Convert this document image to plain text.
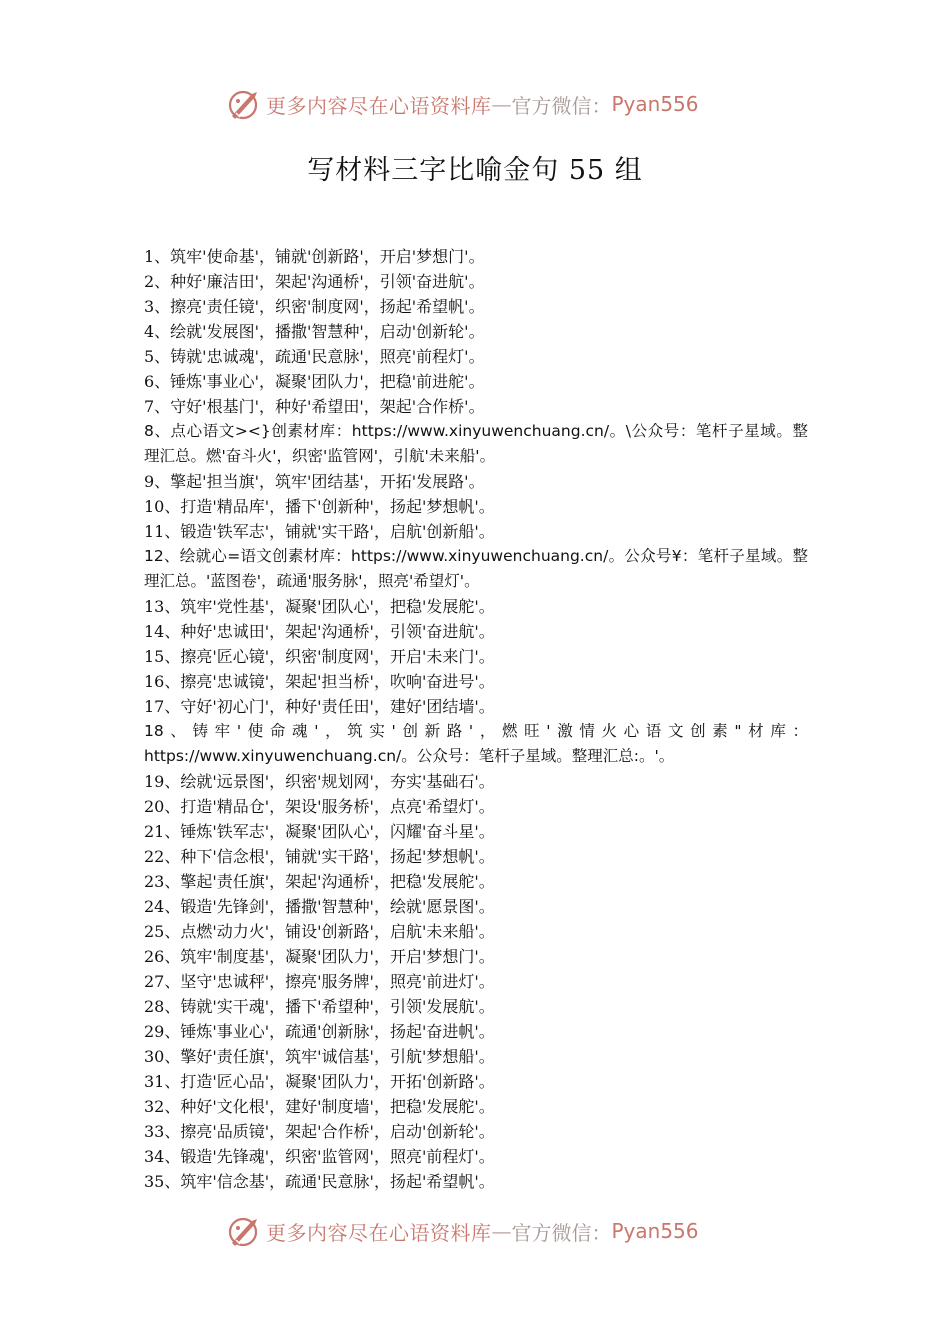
更多内容尽在心语资料库 — 官方微信： Pyan556
写材料三字比喻金句 55 组
1、筑牢'使命基'，铺就'创新路'，开启'梦想门'。
2、种好'廉洁田'，架起'沟通桥'，引领'奋进航'。
3、擦亮'责任镜'，织密'制度网'，扬起'希望帆'。
4、绘就'发展图'，播撒'智慧种'，启动'创新轮'。
5、铸就'忠诚魂'，疏通'民意脉'，照亮'前程灯'。
6、锤炼'事业心'，凝聚'团队力'，把稳'前进舵'。
7、守好'根基门'，种好'希望田'，架起'合作桥'。
8、点心语文><}创素材库：https://www.xinyuwenchuang.cn/。\公众号：笔杆子星域。整理汇总。燃'奋斗火'，织密'监管网'，引航'未来船'。
9、擎起'担当旗'，筑牢'团结基'，开拓'发展路'。
10、打造'精品库'，播下'创新种'，扬起'梦想帆'。
11、锻造'铁军志'，铺就'实干路'，启航'创新船'。
12、绘就心=语文创素材库：https://www.xinyuwenchuang.cn/。公众号¥：笔杆子星域。整理汇总。'蓝图卷'，疏通'服务脉'，照亮'希望灯'。
13、筑牢'党性基'，凝聚'团队心'，把稳'发展舵'。
14、种好'忠诚田'，架起'沟通桥'，引领'奋进航'。
15、擦亮'匠心镜'，织密'制度网'，开启'未来门'。
16、擦亮'忠诚镜'，架起'担当桥'，吹响'奋进号'。
17、守好'初心门'，种好'责任田'，建好'团结墙'。
18、铸牢'使命魂'，筑实'创新路'，燃旺'激情火心语文创素"材库：https://www.xinyuwenchuang.cn/。公众号：笔杆子星域。整理汇总:。'。
19、绘就'远景图'，织密'规划网'，夯实'基础石'。
20、打造'精品仓'，架设'服务桥'，点亮'希望灯'。
21、锤炼'铁军志'，凝聚'团队心'，闪耀'奋斗星'。
22、种下'信念根'，铺就'实干路'，扬起'梦想帆'。
23、擎起'责任旗'，架起'沟通桥'，把稳'发展舵'。
24、锻造'先锋剑'，播撒'智慧种'，绘就'愿景图'。
25、点燃'动力火'，铺设'创新路'，启航'未来船'。
26、筑牢'制度基'，凝聚'团队力'，开启'梦想门'。
27、坚守'忠诚秤'，擦亮'服务牌'，照亮'前进灯'。
28、铸就'实干魂'，播下'希望种'，引领'发展航'。
29、锤炼'事业心'，疏通'创新脉'，扬起'奋进帆'。
30、擎好'责任旗'，筑牢'诚信基'，引航'梦想船'。
31、打造'匠心品'，凝聚'团队力'，开拓'创新路'。
32、种好'文化根'，建好'制度墙'，把稳'发展舵'。
33、擦亮'品质镜'，架起'合作桥'，启动'创新轮'。
34、锻造'先锋魂'，织密'监管网'，照亮'前程灯'。
35、筑牢'信念基'，疏通'民意脉'，扬起'希望帆'。
更多内容尽在心语资料库 — 官方微信： Pyan556
